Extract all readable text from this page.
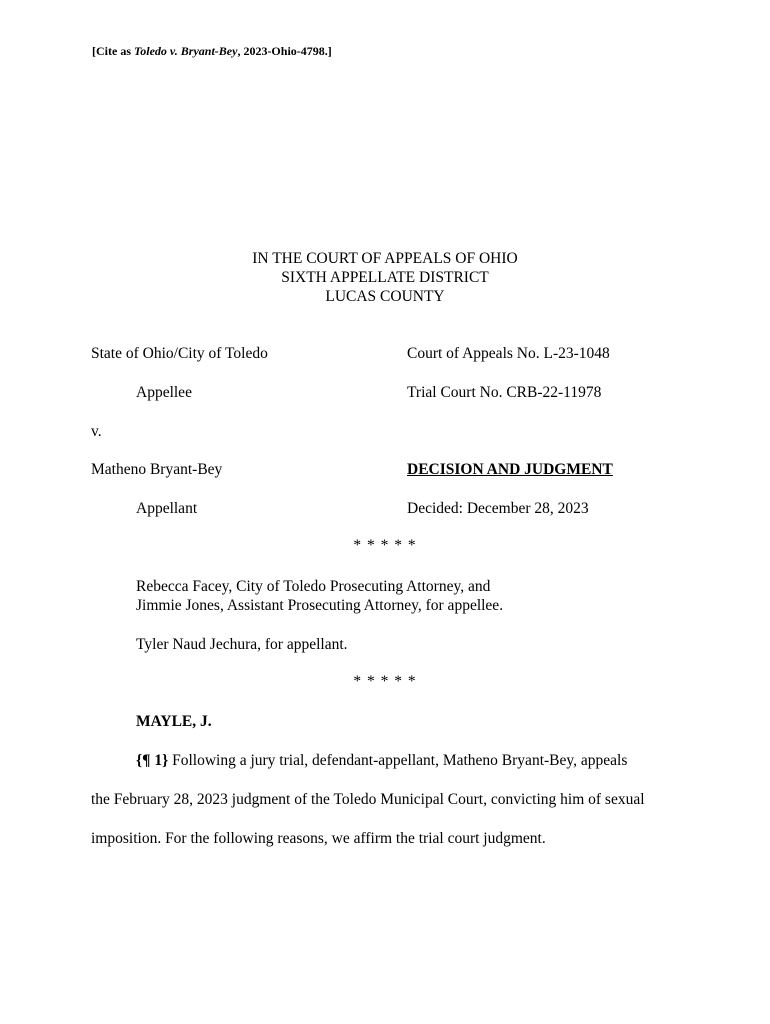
[Cite as Toledo v. Bryant-Bey, 2023-Ohio-4798.]
IN THE COURT OF APPEALS OF OHIO
SIXTH APPELLATE DISTRICT
LUCAS COUNTY
State of Ohio/City of Toledo
Appellee
v.
Matheno Bryant-Bey
Appellant
Court of Appeals No. L-23-1048
Trial Court No. CRB-22-11978
DECISION AND JUDGMENT
Decided: December 28, 2023
* * * * *
Rebecca Facey, City of Toledo Prosecuting Attorney, and
Jimmie Jones, Assistant Prosecuting Attorney, for appellee.
Tyler Naud Jechura, for appellant.
* * * * *
MAYLE, J.
{¶ 1} Following a jury trial, defendant-appellant, Matheno Bryant-Bey, appeals
the February 28, 2023 judgment of the Toledo Municipal Court, convicting him of sexual
imposition. For the following reasons, we affirm the trial court judgment.
